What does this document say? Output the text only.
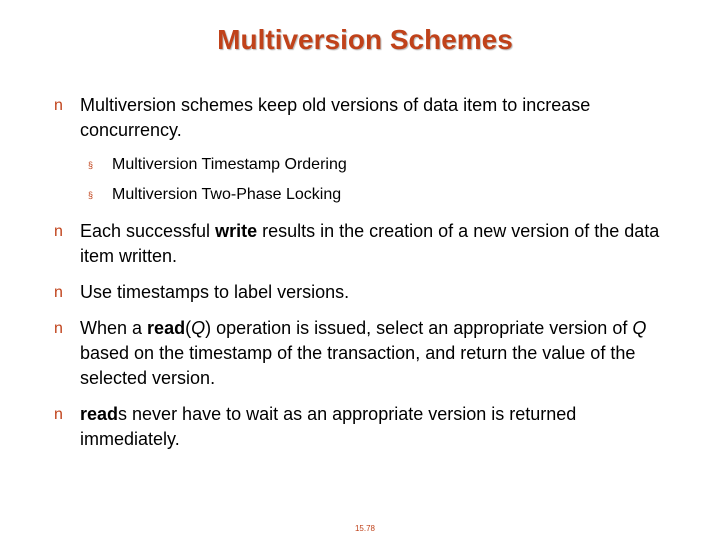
Multiversion Schemes
n Multiversion schemes keep old versions of data item to increase concurrency.
§ Multiversion Timestamp Ordering
§ Multiversion Two-Phase Locking
n Each successful write results in the creation of a new version of the data item written.
n Use timestamps to label versions.
n When a read(Q) operation is issued, select an appropriate version of Q based on the timestamp of the transaction, and return the value of the selected version.
n reads never have to wait as an appropriate version is returned immediately.
15.78
